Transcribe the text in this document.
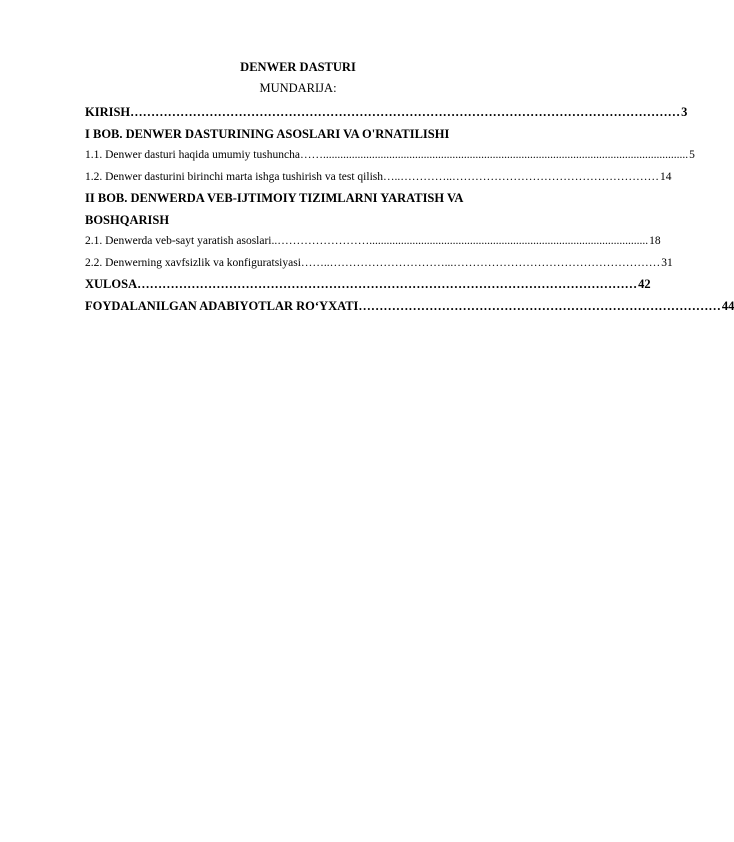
DENWER DASTURI
MUNDARIJA:
KIRISH …………………………………………………………………………………………………………………… 3
I BOB. DENWER DASTURINING ASOSLARI VA O'RNATILISHI
1.1. Denwer dasturi haqida umumiy tushuncha ……............................................................................................................................... 5
1.2. Denwer dasturini birinchi marta ishga tushirish va test qilish …..…………..……………………………………………… 14
II BOB. DENWERDA VEB-IJTIMOIY TIZIMLARNI YARATISH VA
BOSHQARISH
2.1. Denwerda veb-sayt yaratish asoslari ..……………………................................................................................................. 18
2.2. Denwerning xavfsizlik va konfiguratsiyasi ……..…………………………...……………………………………………… 31
XULOSA ………………………………………………………………………………………………………… 42
FOYDALANILGAN ADABIYOTLAR RO‘YXATI …………………………………………………………………………… 44
